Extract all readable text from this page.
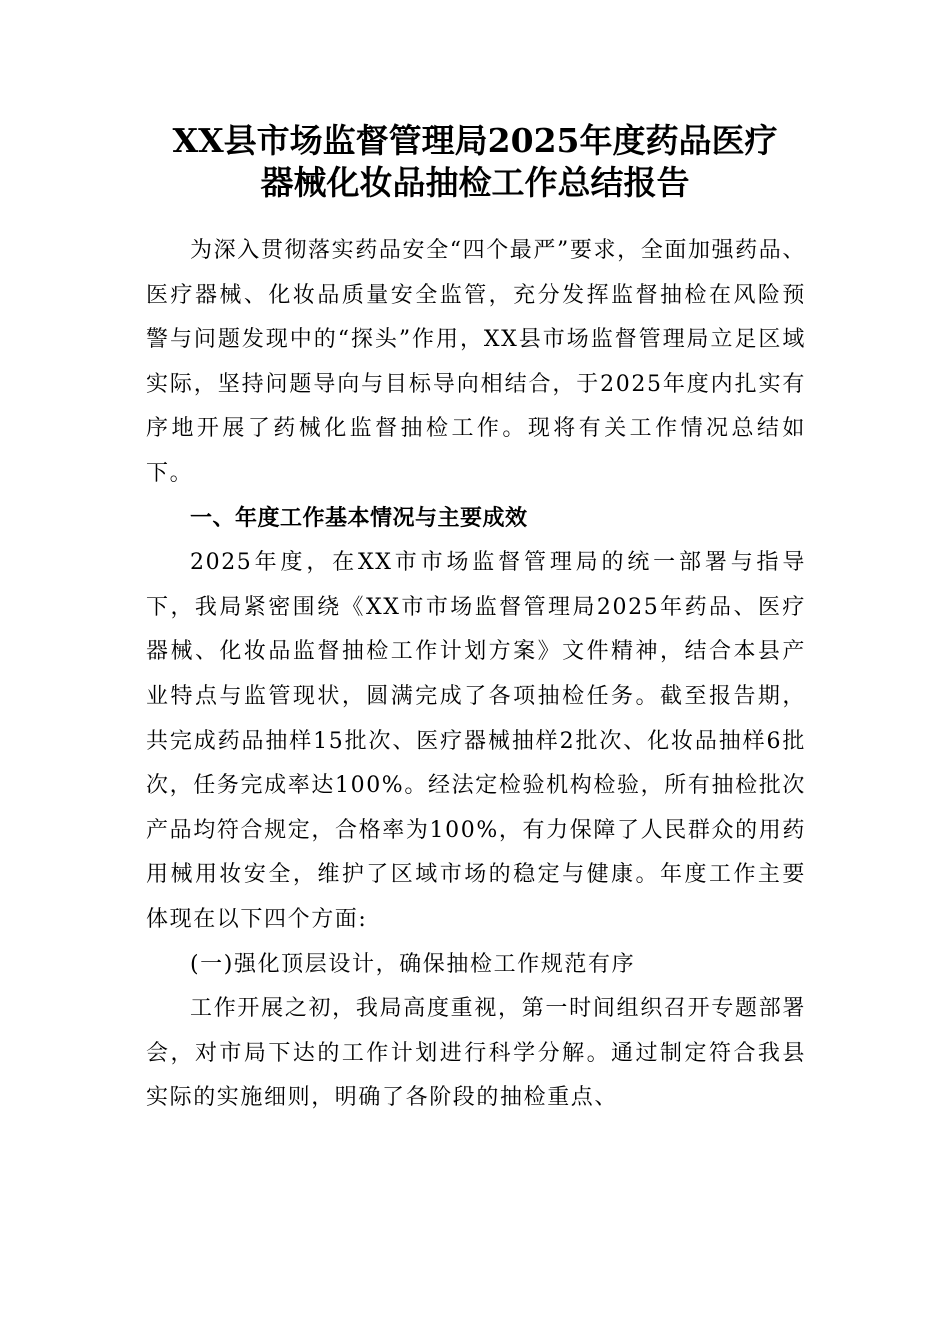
XX县市场监督管理局2025年度药品医疗
器械化妆品抽检工作总结报告

为深入贯彻落实药品安全“四个最严”要求，全面加强药品、医疗器械、化妆品质量安全监管，充分发挥监督抽检在风险预警与问题发现中的“探头”作用，XX县市场监督管理局立足区域实际，坚持问题导向与目标导向相结合，于2025年度内扎实有序地开展了药械化监督抽检工作。现将有关工作情况总结如下。

一、年度工作基本情况与主要成效

2025年度，在XX市市场监督管理局的统一部署与指导下，我局紧密围绕《XX市市场监督管理局2025年药品、医疗器械、化妆品监督抽检工作计划方案》文件精神，结合本县产业特点与监管现状，圆满完成了各项抽检任务。截至报告期，共完成药品抽样15批次、医疗器械抽样2批次、化妆品抽样6批次，任务完成率达100%。经法定检验机构检验，所有抽检批次产品均符合规定，合格率为100%，有力保障了人民群众的用药用械用妆安全，维护了区域市场的稳定与健康。年度工作主要体现在以下四个方面:

(一)强化顶层设计，确保抽检工作规范有序

工作开展之初，我局高度重视，第一时间组织召开专题部署会，对市局下达的工作计划进行科学分解。通过制定符合我县实际的实施细则，明确了各阶段的抽检重点、
